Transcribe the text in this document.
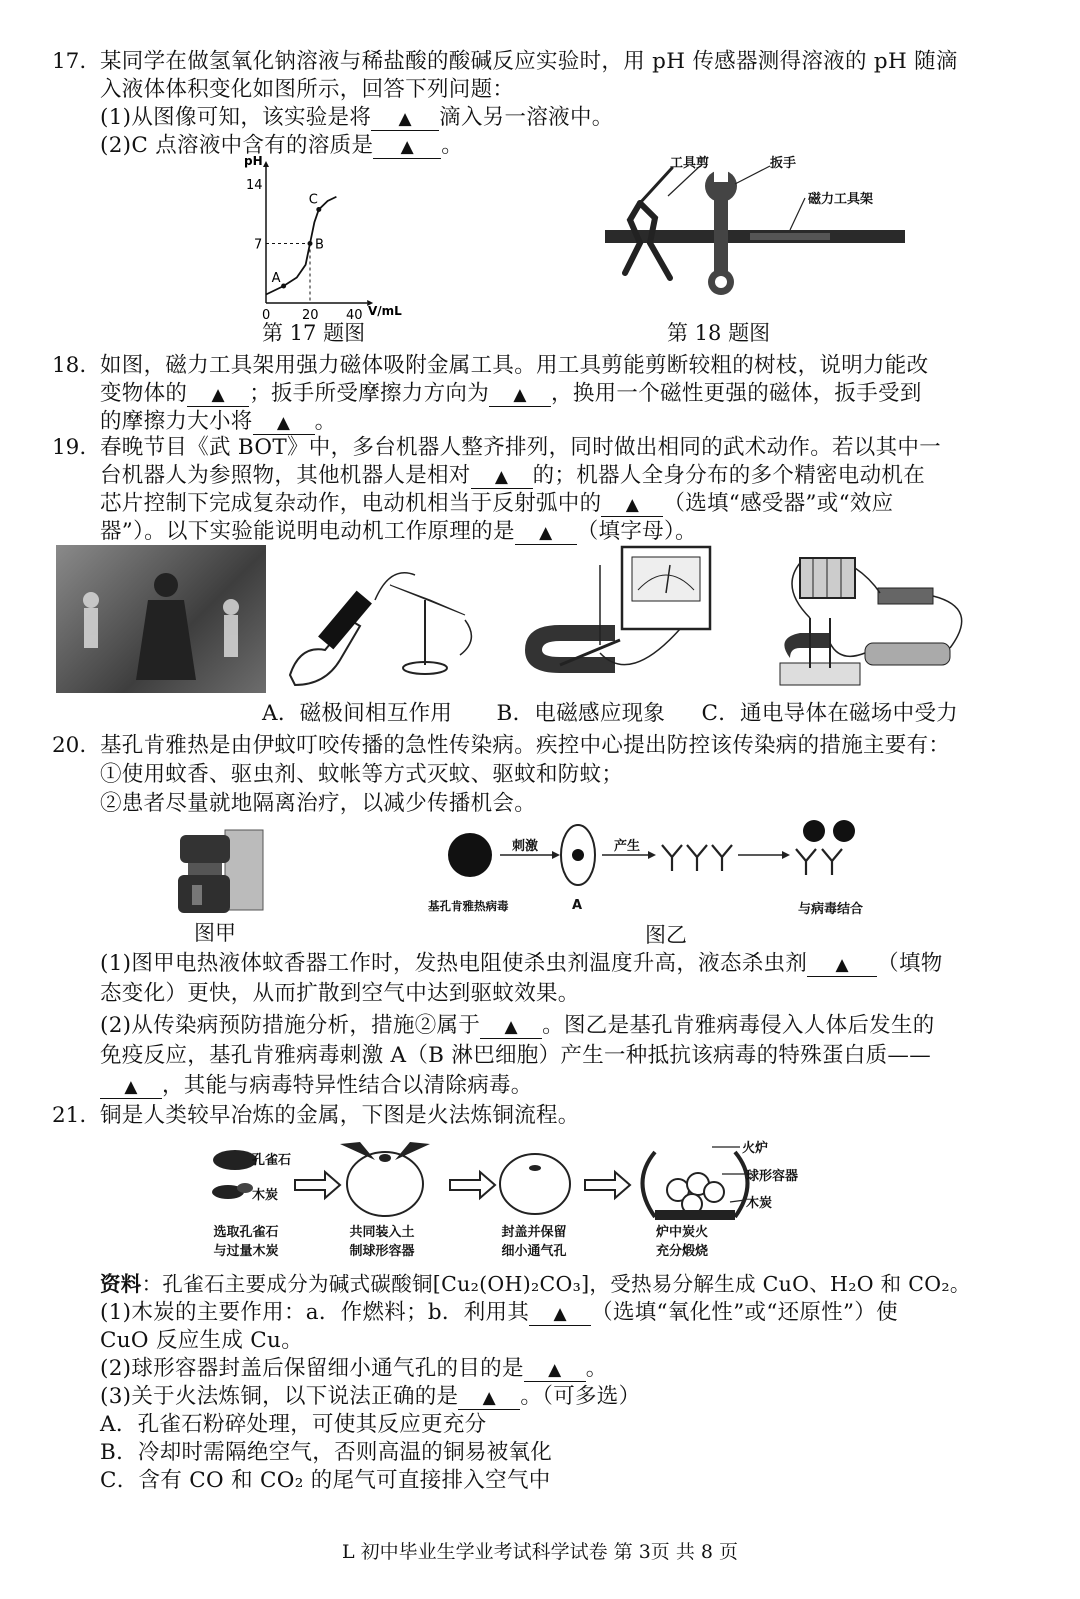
17. 某同学在做氢氧化钠溶液与稀盐酸的酸碱反应实验时，用 pH 传感器测得溶液的 pH 随滴
入液体体积变化如图所示，回答下列问题：
(1)从图像可知，该实验是将 ▲ 滴入另一溶液中。
(2)C 点溶液中含有的溶质是 ▲ 。
pH
V/mL
0 20 40
7
14
A
B
C
第 17 题图
工具剪	扳手
磁力工具架
第 18 题图
18. 如图，磁力工具架用强力磁体吸附金属工具。用工具剪能剪断较粗的树枝，说明力能改
变物体的 ▲ ；扳手所受摩擦力方向为 ▲ ，换用一个磁性更强的磁体，扳手受到
的摩擦力大小将 ▲ 。
19. 春晚节目《武 BOT》中，多台机器人整齐排列，同时做出相同的武术动作。若以其中一
台机器人为参照物，其他机器人是相对 ▲ 的；机器人全身分布的多个精密电动机在
芯片控制下完成复杂动作，电动机相当于反射弧中的 ▲ （选填“感受器”或“效应
器”）。以下实验能说明电动机工作原理的是 ▲ （填字母）。
A．磁极间相互作用 B．电磁感应现象 C．通电导体在磁场中受力
20. 基孔肯雅热是由伊蚊叮咬传播的急性传染病。疾控中心提出防控该传染病的措施主要有：
①使用蚊香、驱虫剂、蚊帐等方式灭蚊、驱蚊和防蚊；
②患者尽量就地隔离治疗，以减少传播机会。
图甲
基孔肯雅热病毒
刺激
A
产生
与病毒结合
图乙
(1)图甲电热液体蚊香器工作时，发热电阻使杀虫剂温度升高，液态杀虫剂 ▲ （填物
态变化）更快，从而扩散到空气中达到驱蚊效果。
(2)从传染病预防措施分析，措施②属于 ▲ 。图乙是基孔肯雅病毒侵入人体后发生的
免疫反应，基孔肯雅病毒刺激 A（B 淋巴细胞）产生一种抵抗该病毒的特殊蛋白质——
▲ ，其能与病毒特异性结合以清除病毒。
21. 铜是人类较早冶炼的金属，下图是火法炼铜流程。
孔雀石
木炭
火炉
球形容器
木炭
选取孔雀石
与过量木炭
共同装入土
制球形容器
封盖并保留
细小通气孔
炉中炭火
充分煅烧
资料：孔雀石主要成分为碱式碳酸铜[Cu₂(OH)₂CO₃]，受热易分解生成 CuO、H₂O 和 CO₂。
(1)木炭的主要作用：a．作燃料；b．利用其 ▲ （选填“氧化性”或“还原性”）使
CuO 反应生成 Cu。
(2)球形容器封盖后保留细小通气孔的目的是 ▲ 。
(3)关于火法炼铜，以下说法正确的是 ▲ 。（可多选）
A．孔雀石粉碎处理，可使其反应更充分
B．冷却时需隔绝空气，否则高温的铜易被氧化
C．含有 CO 和 CO₂ 的尾气可直接排入空气中
L 初中毕业生学业考试科学试卷 第 3页 共 8 页
